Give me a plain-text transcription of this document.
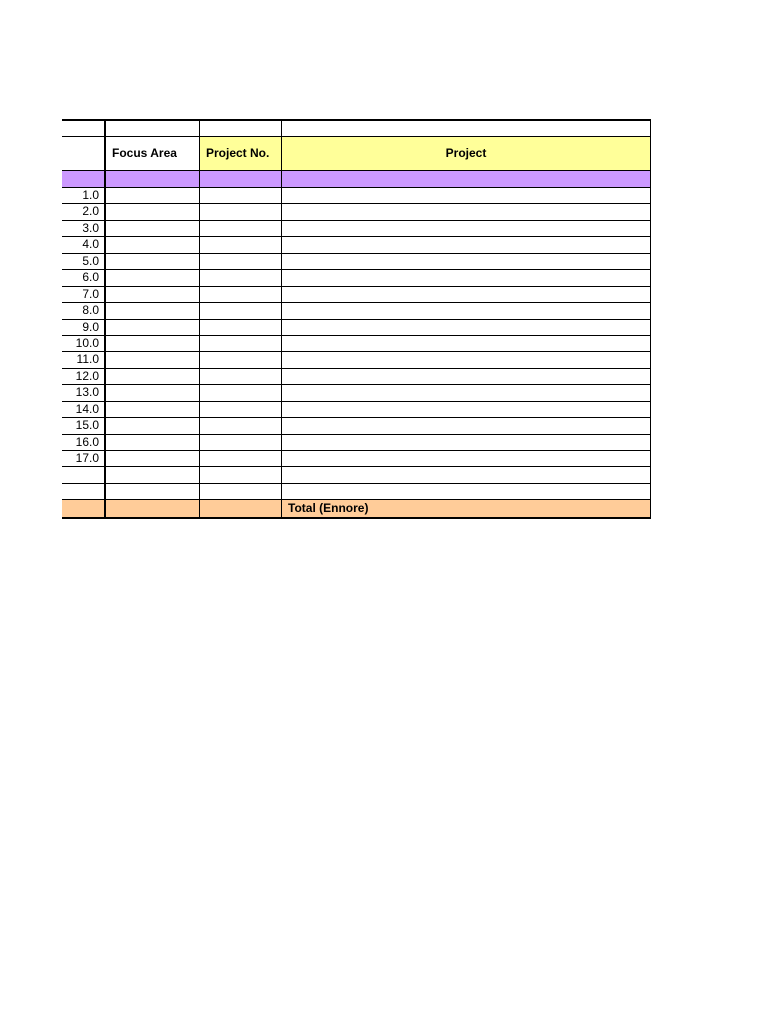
Focus Area	Project No.	Project
1.0
2.0
3.0
4.0
5.0
6.0
7.0
8.0
9.0
10.0
11.0
12.0
13.0
14.0
15.0
16.0
17.0
Total (Ennore)
